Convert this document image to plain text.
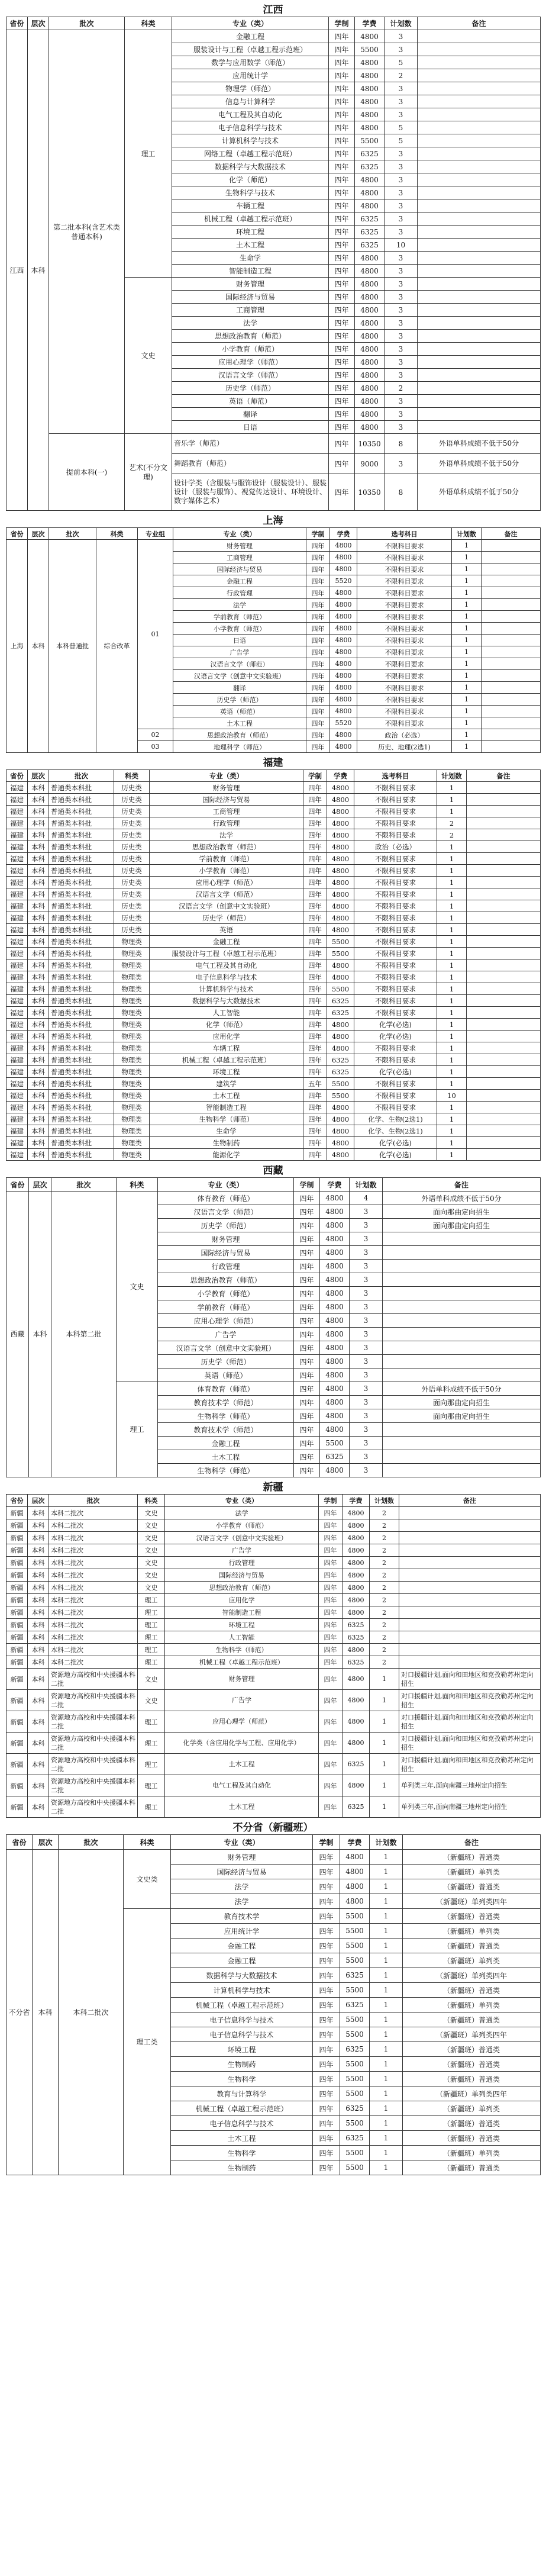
江西
省份	层次	批次	科类	专业（类）	学制	学费	计划数	备注
江西	本科	第二批本科(含艺术类普通本科)	理工	金融工程	四年	4800	3	
				服装设计与工程（卓越工程示范班）	四年	5500	3	
				数学与应用数学（师范）	四年	4800	5	
				应用统计学	四年	4800	2	
				物理学（师范）	四年	4800	3	
				信息与计算科学	四年	4800	3	
				电气工程及其自动化	四年	4800	3	
				电子信息科学与技术	四年	4800	5	
				计算机科学与技术	四年	5500	5	
				网络工程（卓越工程示范班）	四年	6325	3	
				数据科学与大数据技术	四年	6325	3	
				化学（师范）	四年	4800	3	
				生物科学与技术	四年	4800	3	
				车辆工程	四年	4800	3	
				机械工程（卓越工程示范班）	四年	6325	3	
				环境工程	四年	6325	3	
				土木工程	四年	6325	10	
				生命学	四年	4800	3	
				智能制造工程	四年	4800	3	
			文史	财务管理	四年	4800	3	
				国际经济与贸易	四年	4800	3	
				工商管理	四年	4800	3	
				法学	四年	4800	3	
				思想政治教育（师范）	四年	4800	3	
				小学教育（师范）	四年	4800	3	
				应用心理学（师范）	四年	4800	3	
				汉语言文学（师范）	四年	4800	3	
				历史学（师范）	四年	4800	2	
				英语（师范）	四年	4800	3	
				翻译	四年	4800	3	
				日语	四年	4800	3	
		提前本科(一)	艺术(不分文理)	音乐学（师范）	四年	10350	8	外语单科成绩不低于50分
				舞蹈教育（师范）	四年	9000	3	外语单科成绩不低于50分
				设计学类（含服装与服饰设计（服装设计）、服装设计（服装与服饰）、视觉传达设计、环境设计、数字媒体艺术）	四年	10350	8	外语单科成绩不低于50分
上海
省份	层次	批次	科类	专业组	专业（类）	学制	学费	选考科目	计划数	备注
上海	本科	本科普通批	综合改革	01	财务管理	四年	4800	不限科目要求	1	
					工商管理	四年	4800	不限科目要求	1	
					国际经济与贸易	四年	4800	不限科目要求	1	
					金融工程	四年	5520	不限科目要求	1	
					行政管理	四年	4800	不限科目要求	1	
					法学	四年	4800	不限科目要求	1	
					学前教育（师范）	四年	4800	不限科目要求	1	
					小学教育（师范）	四年	4800	不限科目要求	1	
					日语	四年	4800	不限科目要求	1	
					广告学	四年	4800	不限科目要求	1	
					汉语言文学（师范）	四年	4800	不限科目要求	1	
					汉语言文学（创意中文实验班）	四年	4800	不限科目要求	1	
					翻译	四年	4800	不限科目要求	1	
					历史学（师范）	四年	4800	不限科目要求	1	
					英语（师范）	四年	4800	不限科目要求	1	
					土木工程	四年	5520	不限科目要求	1	
				02	思想政治教育（师范）	四年	4800	政治（必选）	1	
				03	地理科学（师范）	四年	4800	历史、地理(2选1)	1	
福建
省份	层次	批次	科类	专业（类）	学制	学费	选考科目	计划数	备注
福建	本科	普通类本科批	历史类	财务管理	四年	4800	不限科目要求	1	
福建	本科	普通类本科批	历史类	国际经济与贸易	四年	4800	不限科目要求	1	
福建	本科	普通类本科批	历史类	工商管理	四年	4800	不限科目要求	1	
福建	本科	普通类本科批	历史类	行政管理	四年	4800	不限科目要求	2	
福建	本科	普通类本科批	历史类	法学	四年	4800	不限科目要求	2	
福建	本科	普通类本科批	历史类	思想政治教育（师范）	四年	4800	政治（必选）	1	
福建	本科	普通类本科批	历史类	学前教育（师范）	四年	4800	不限科目要求	1	
福建	本科	普通类本科批	历史类	小学教育（师范）	四年	4800	不限科目要求	1	
福建	本科	普通类本科批	历史类	应用心理学（师范）	四年	4800	不限科目要求	1	
福建	本科	普通类本科批	历史类	汉语言文学（师范）	四年	4800	不限科目要求	1	
福建	本科	普通类本科批	历史类	汉语言文学（创意中文实验班）	四年	4800	不限科目要求	1	
福建	本科	普通类本科批	历史类	历史学（师范）	四年	4800	不限科目要求	1	
福建	本科	普通类本科批	历史类	英语	四年	4800	不限科目要求	1	
福建	本科	普通类本科批	物理类	金融工程	四年	5500	不限科目要求	1	
福建	本科	普通类本科批	物理类	服装设计与工程（卓越工程示范班）	四年	5500	不限科目要求	1	
福建	本科	普通类本科批	物理类	电气工程及其自动化	四年	4800	不限科目要求	1	
福建	本科	普通类本科批	物理类	电子信息科学与技术	四年	4800	不限科目要求	1	
福建	本科	普通类本科批	物理类	计算机科学与技术	四年	5500	不限科目要求	1	
福建	本科	普通类本科批	物理类	数据科学与大数据技术	四年	6325	不限科目要求	1	
福建	本科	普通类本科批	物理类	人工智能	四年	6325	不限科目要求	1	
福建	本科	普通类本科批	物理类	化学（师范）	四年	4800	化学(必选)	1	
福建	本科	普通类本科批	物理类	应用化学	四年	4800	化学(必选)	1	
福建	本科	普通类本科批	物理类	车辆工程	四年	4800	不限科目要求	1	
福建	本科	普通类本科批	物理类	机械工程（卓越工程示范班）	四年	6325	不限科目要求	1	
福建	本科	普通类本科批	物理类	环境工程	四年	6325	化学(必选)	1	
福建	本科	普通类本科批	物理类	建筑学	五年	5500	不限科目要求	1	
福建	本科	普通类本科批	物理类	土木工程	四年	5500	不限科目要求	10	
福建	本科	普通类本科批	物理类	智能制造工程	四年	4800	不限科目要求	1	
福建	本科	普通类本科批	物理类	生物科学（师范）	四年	4800	化学、生物(2选1)	1	
福建	本科	普通类本科批	物理类	生命学	四年	4800	化学、生物(2选1)	1	
福建	本科	普通类本科批	物理类	生物制药	四年	4800	化学(必选)	1	
福建	本科	普通类本科批	物理类	能源化学	四年	4800	化学(必选)	1	
西藏
省份	层次	批次	科类	专业（类）	学制	学费	计划数	备注
西藏	本科	本科第二批	文史	体育教育（师范）	四年	4800	4	外语单科成绩不低于50分
				汉语言文学（师范）	四年	4800	3	面向那曲定向招生
				历史学（师范）	四年	4800	3	面向那曲定向招生
				财务管理	四年	4800	3	
				国际经济与贸易	四年	4800	3	
				行政管理	四年	4800	3	
				思想政治教育（师范）	四年	4800	3	
				小学教育（师范）	四年	4800	3	
				学前教育（师范）	四年	4800	3	
				应用心理学（师范）	四年	4800	3	
				广告学	四年	4800	3	
				汉语言文学（创意中文实验班）	四年	4800	3	
				历史学（师范）	四年	4800	3	
				英语（师范）	四年	4800	3	
			理工	体育教育（师范）	四年	4800	3	外语单科成绩不低于50分
				教育技术学（师范）	四年	4800	3	面向那曲定向招生
				生物科学（师范）	四年	4800	3	面向那曲定向招生
				教育技术学（师范）	四年	4800	3	
				金融工程	四年	5500	3	
				土木工程	四年	6325	3	
				生物科学（师范）	四年	4800	3	
新疆
省份	层次	批次	科类	专业（类）	学制	学费	计划数	备注
新疆	本科	本科二批次	文史	法学	四年	4800	2	
新疆	本科	本科二批次	文史	小学教育（师范）	四年	4800	2	
新疆	本科	本科二批次	文史	汉语言文学（创意中文实验班）	四年	4800	2	
新疆	本科	本科二批次	文史	广告学	四年	4800	2	
新疆	本科	本科二批次	文史	行政管理	四年	4800	2	
新疆	本科	本科二批次	文史	国际经济与贸易	四年	4800	2	
新疆	本科	本科二批次	文史	思想政治教育（师范）	四年	4800	2	
新疆	本科	本科二批次	理工	应用化学	四年	4800	2	
新疆	本科	本科二批次	理工	智能制造工程	四年	4800	2	
新疆	本科	本科二批次	理工	环境工程	四年	6325	2	
新疆	本科	本科二批次	理工	人工智能	四年	6325	2	
新疆	本科	本科二批次	理工	生物科学（师范）	四年	4800	2	
新疆	本科	本科二批次	理工	机械工程（卓越工程示范班）	四年	6325	2	
新疆	本科	资源地方高校和中央援疆本科二批	文史	财务管理	四年	4800	1	对口援疆计划,面向和田地区和克孜勒苏州定向招生
新疆	本科	资源地方高校和中央援疆本科二批	文史	广告学	四年	4800	1	对口援疆计划,面向和田地区和克孜勒苏州定向招生
新疆	本科	资源地方高校和中央援疆本科二批	理工	应用心理学（师范）	四年	4800	1	对口援疆计划,面向和田地区和克孜勒苏州定向招生
新疆	本科	资源地方高校和中央援疆本科二批	理工	化学类（含应用化学与工程、应用化学）	四年	4800	1	对口援疆计划,面向和田地区和克孜勒苏州定向招生
新疆	本科	资源地方高校和中央援疆本科二批	理工	土木工程	四年	6325	1	对口援疆计划,面向和田地区和克孜勒苏州定向招生
新疆	本科	资源地方高校和中央援疆本科二批	理工	电气工程及其自动化	四年	4800	1	单列类三年,面向南疆三地州定向招生
新疆	本科	资源地方高校和中央援疆本科二批	理工	土木工程	四年	6325	1	单列类三年,面向南疆三地州定向招生
不分省（新疆班）
省份	层次	批次	科类	专业（类）	学制	学费	计划数	备注
不分省	本科	本科二批次	文史类	财务管理	四年	4800	1	（新疆班）普通类
				国际经济与贸易	四年	4800	1	（新疆班）单列类
				法学	四年	4800	1	（新疆班）普通类
				法学	四年	4800	1	（新疆班）单列类四年
			理工类	教育技术学	四年	5500	1	（新疆班）普通类
				应用统计学	四年	5500	1	（新疆班）单列类
				金融工程	四年	5500	1	（新疆班）普通类
				金融工程	四年	5500	1	（新疆班）单列类
				数据科学与大数据技术	四年	6325	1	（新疆班）单列类四年
				计算机科学与技术	四年	5500	1	（新疆班）普通类
				机械工程（卓越工程示范班）	四年	6325	1	（新疆班）单列类
				电子信息科学与技术	四年	5500	1	（新疆班）普通类
				电子信息科学与技术	四年	5500	1	（新疆班）单列类四年
				环境工程	四年	6325	1	（新疆班）普通类
				生物制药	四年	5500	1	（新疆班）普通类
				生物科学	四年	5500	1	（新疆班）普通类
				教育与计算科学	四年	5500	1	（新疆班）单列类四年
				机械工程（卓越工程示范班）	四年	6325	1	（新疆班）单列类
				电子信息科学与技术	四年	5500	1	（新疆班）普通类
				土木工程	四年	6325	1	（新疆班）普通类
				生物科学	四年	5500	1	（新疆班）单列类
				生物制药	四年	5500	1	（新疆班）普通类
